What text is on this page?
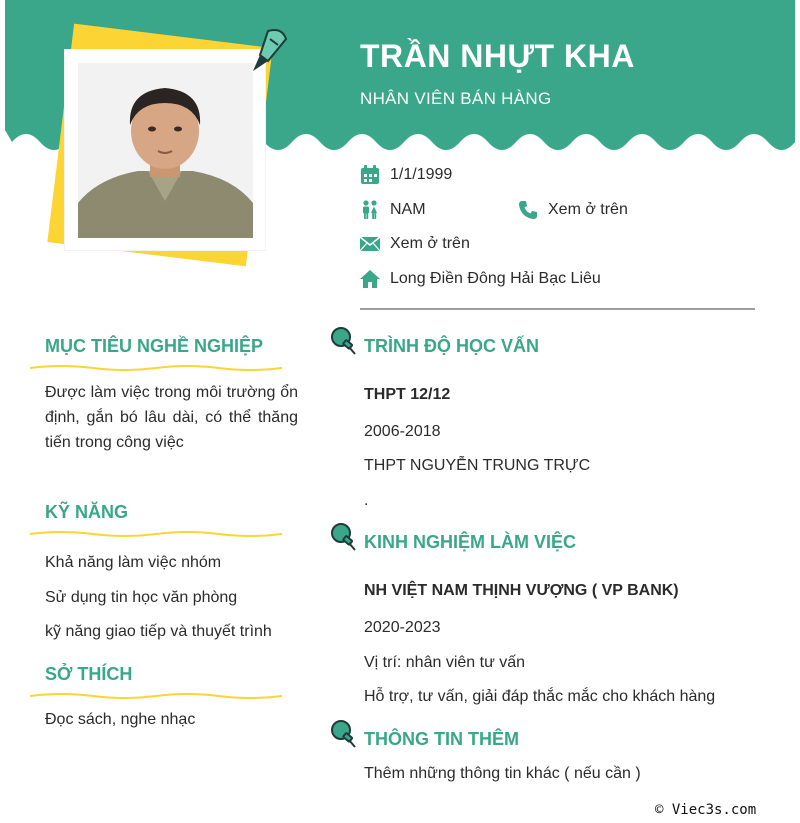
TRẦN NHỰT KHA
NHÂN VIÊN BÁN HÀNG
1/1/1999
NAM	Xem ở trên
Xem ở trên
Long Điền Đông Hải Bạc Liêu
MỤC TIÊU NGHỀ NGHIỆP
Được làm việc trong môi trường ổn định, gắn bó lâu dài, có thể thăng tiến trong công việc
KỸ NĂNG
Khả năng làm việc nhóm
Sử dụng tin học văn phòng
kỹ năng giao tiếp và thuyết trình
SỞ THÍCH
Đọc sách, nghe nhạc
TRÌNH ĐỘ HỌC VẤN
THPT 12/12
2006-2018
THPT NGUYỄN TRUNG TRỰC
.
KINH NGHIỆM LÀM VIỆC
NH VIỆT NAM THỊNH VƯỢNG ( VP BANK)
2020-2023
Vị trí: nhân viên tư vấn
Hỗ trợ, tư vấn, giải đáp thắc mắc cho khách hàng
THÔNG TIN THÊM
Thêm những thông tin khác ( nếu cần )
© Viec3s.com
